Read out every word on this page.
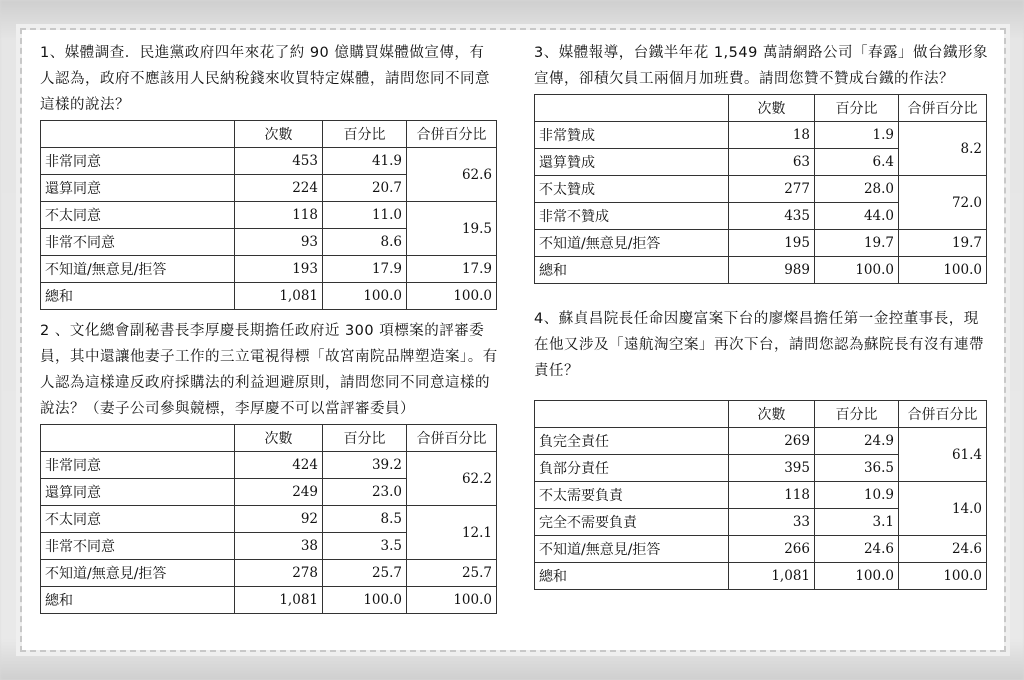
1、媒體調查．民進黨政府四年來花了約 90 億購買媒體做宣傳，有人認為，政府不應該用人民納稅錢來收買特定媒體，請問您同不同意這樣的說法？

	次數	百分比	合併百分比
非常同意	453	41.9	62.6
還算同意	224	20.7	
不太同意	118	11.0	19.5
非常不同意	93	8.6	
不知道/無意見/拒答	193	17.9	17.9
總和	1,081	100.0	100.0

2 、文化總會副秘書長李厚慶長期擔任政府近 300 項標案的評審委員，其中還讓他妻子工作的三立電視得標「故宮南院品牌塑造案」。有人認為這樣違反政府採購法的利益迴避原則，請問您同不同意這樣的說法？（妻子公司參與競標，李厚慶不可以當評審委員）

	次數	百分比	合併百分比
非常同意	424	39.2	62.2
還算同意	249	23.0	
不太同意	92	8.5	12.1
非常不同意	38	3.5	
不知道/無意見/拒答	278	25.7	25.7
總和	1,081	100.0	100.0

3、媒體報導，台鐵半年花 1,549 萬請網路公司「春露」做台鐵形象宣傳，卻積欠員工兩個月加班費。請問您贊不贊成台鐵的作法？

	次數	百分比	合併百分比
非常贊成	18	1.9	8.2
還算贊成	63	6.4	
不太贊成	277	28.0	72.0
非常不贊成	435	44.0	
不知道/無意見/拒答	195	19.7	19.7
總和	989	100.0	100.0

4、蘇貞昌院長任命因慶富案下台的廖燦昌擔任第一金控董事長，現在他又涉及「遠航淘空案」再次下台，請問您認為蘇院長有沒有連帶責任？

	次數	百分比	合併百分比
負完全責任	269	24.9	61.4
負部分責任	395	36.5	
不太需要負責	118	10.9	14.0
完全不需要負責	33	3.1	
不知道/無意見/拒答	266	24.6	24.6
總和	1,081	100.0	100.0
